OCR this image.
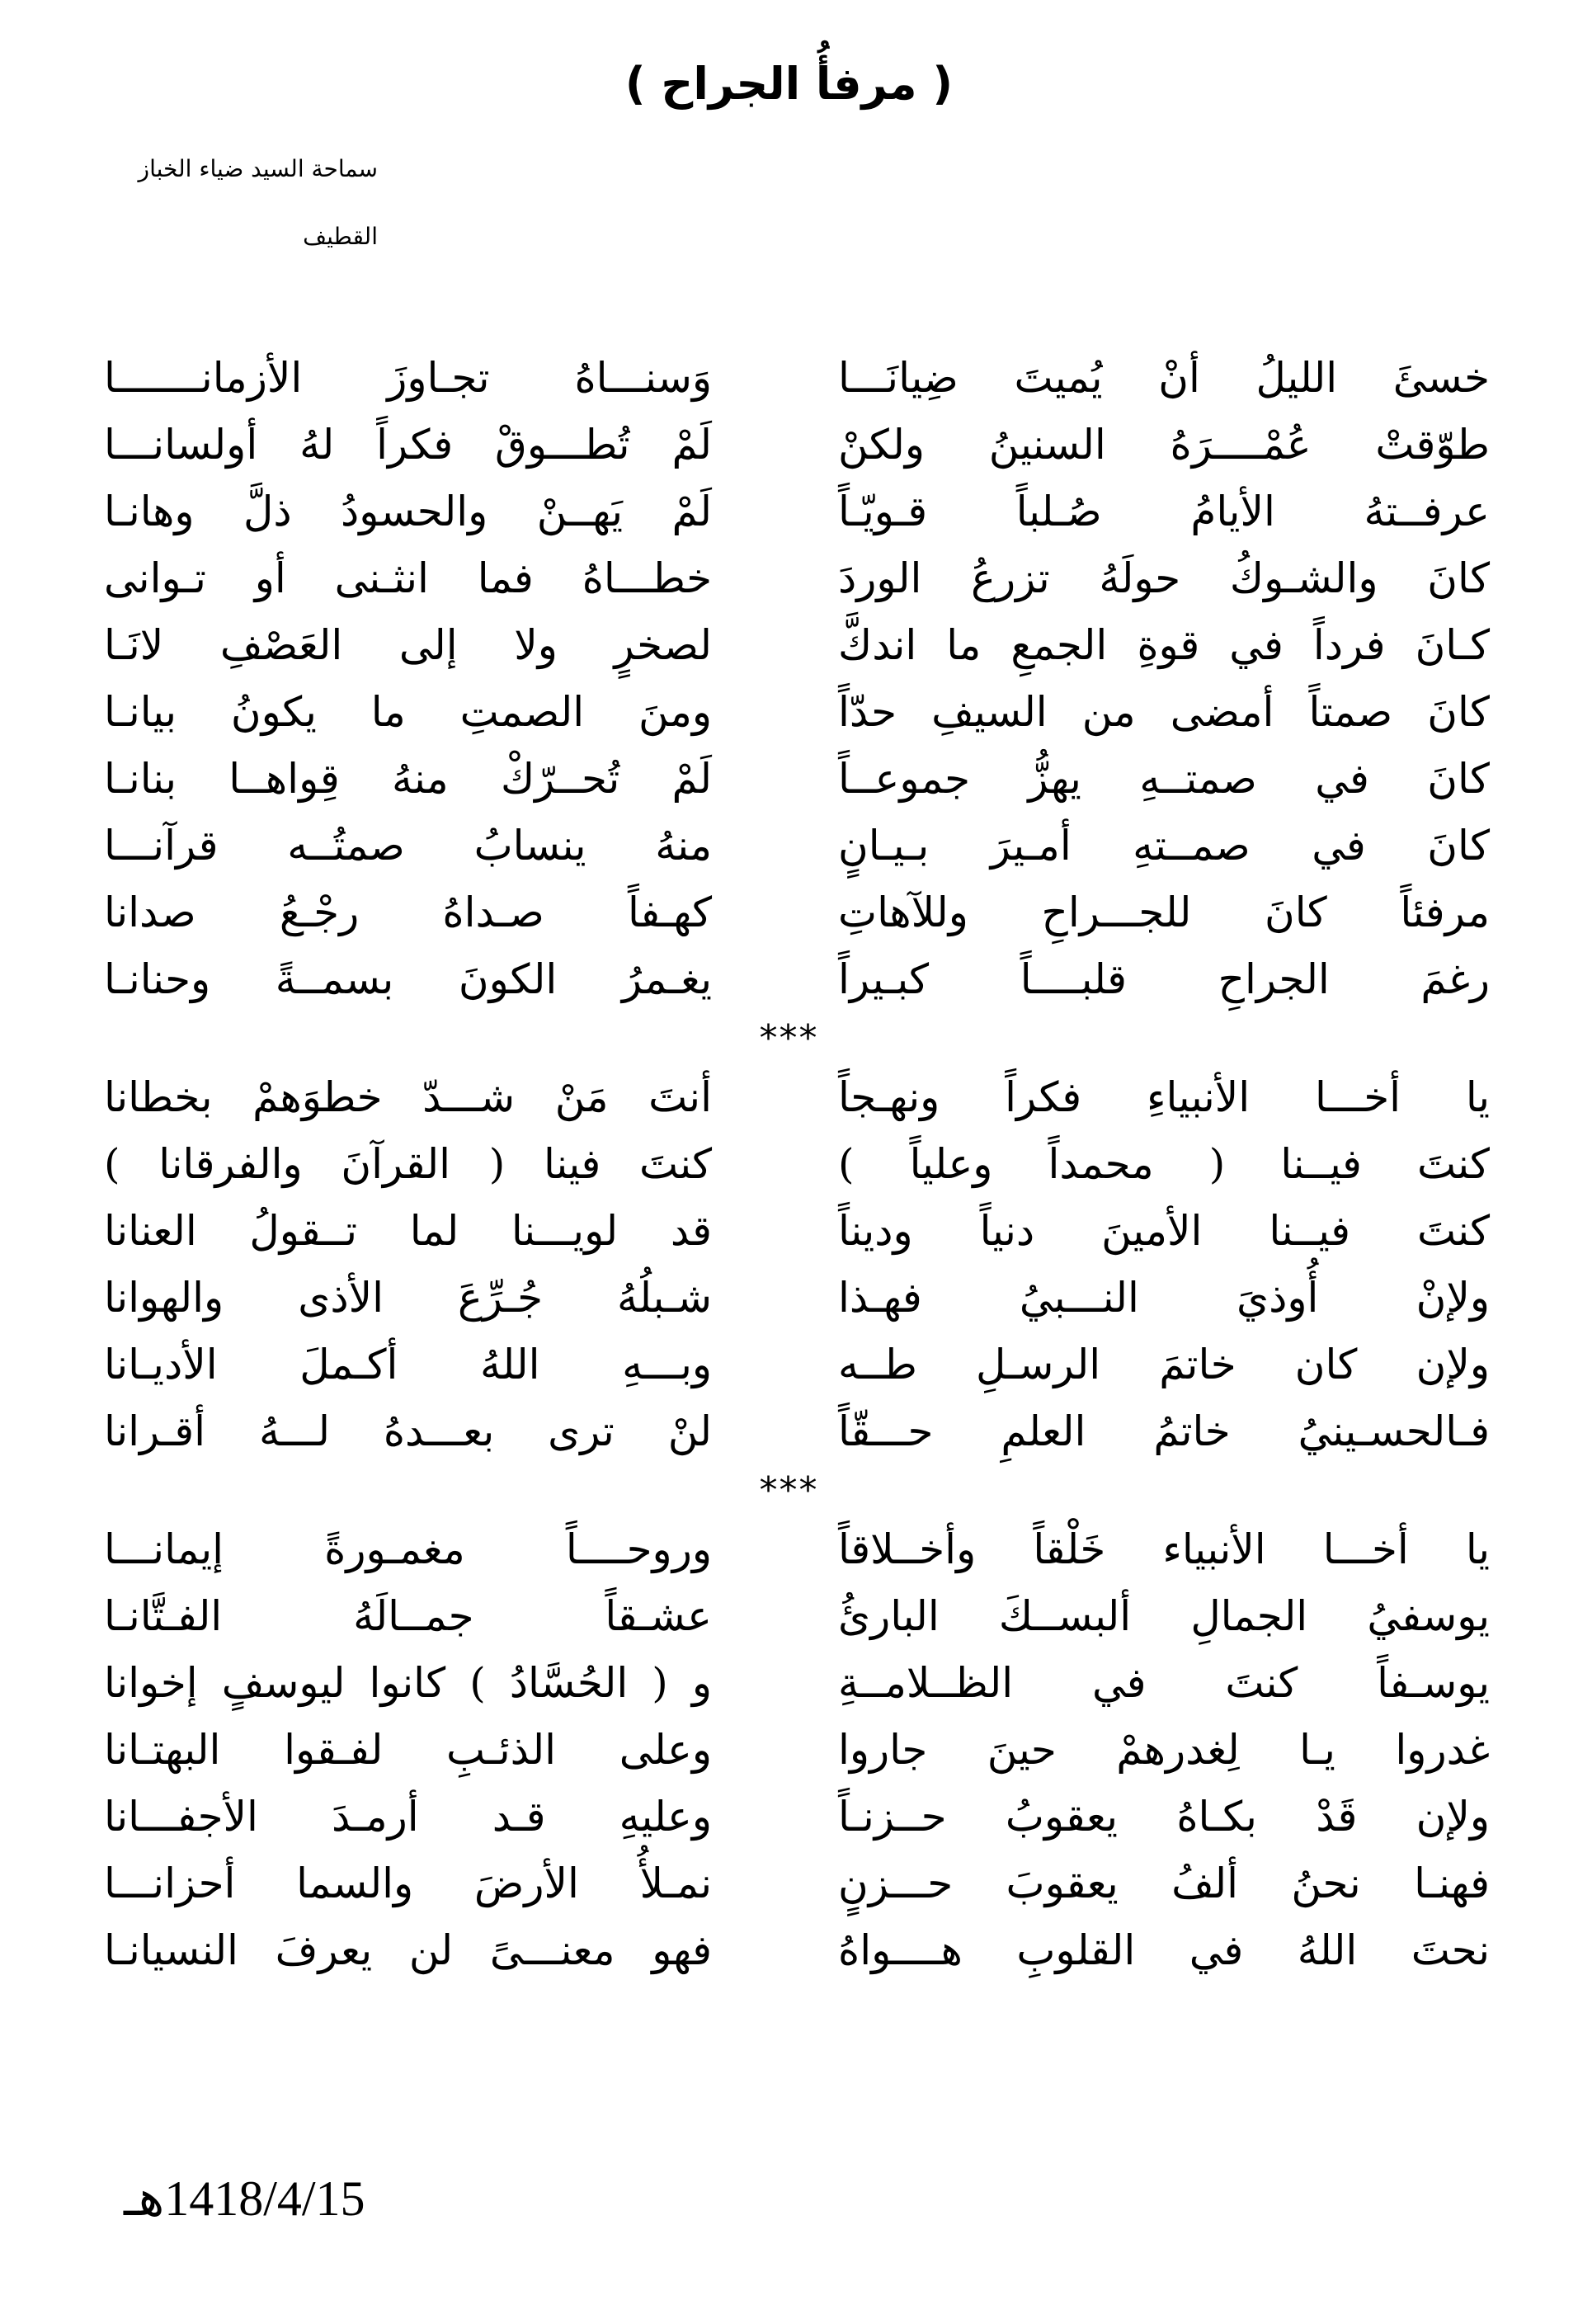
( مرفأُ الجراح )
سماحة السيد ضياء الخباز
القطيف
خسئَ الليلُ أنْ يُميتَ ضِيانَـــا
وَسنـــاهُ تجـاوزَ الأزمانـــــــا
طوّقتْ عُمْــــرَهُ السنينُ ولكنْ
لَمْ تُطـــوقْ فكراً لهُ أولسانـــا
عرفــتهُ الأيامُ صُـلباً قـويّـاً
لَمْ يَهــنْ والحسودُ ذلَّ وهانـا
كانَ والشـوكُ حولَهُ تزرعُ الوردَ
خطـــاهُ فما انثـنى أو تـوانى
كـانَ فرداً في قوةِ الجمعِ ما اندكَّ
لصخرٍ ولا إلى العَصْفِ لانَـا
كانَ صمتاً أمضى من السيفِ حدّاً
ومنَ الصمتِ ما يكونُ بيانـا
كانَ في صمتــهِ يهزُّ جموعــاً
لَمْ تُحــرّكْ منهُ قِواهــا بنانـا
كانَ في صمــتهِ أمـيرَ بـيـانٍ
منهُ ينسابُ صمتُــه قرآنـــا
مرفئاً كانَ للجـــراحِ وللآهاتِ
كهـفاً صـداهُ رجْـعُ صدانا
رغمَ الجراحِ قلبــــاً كبـيراً
يغـمرُ الكونَ بسمــةً وحنانـا
***
يا أخـــا الأنبياءِ فكراً ونهـجاً
أنتَ مَنْ شـــدّ خطوَهمْ بخطانا
كنتَ فيــنا ( محمداً وعلياً )
كنتَ فينا ( القرآنَ والفرقانا )
كنتَ فيــنا الأمينَ دنياً وديناً
قد لويـــنا لما تــقولُ العنانا
ولإنْ أُوذيَ النـــبيُ فهـذا
شـبلُهُ جُـرِّعَ الأذى والهوانا
ولإن كان خاتمَ الرسـلِ طــه
وبـــهِ اللهُ أكـملَ الأديـانا
فـالحسـينيُ خاتمُ العلمِ حـــقّاً
لنْ ترى بعـــدهُ لـــهُ أقـرانا
***
يا أخـــا الأنبياء خَلْقاً وأخــلاقاً
وروحــــاً مغمـورةً إيمانـــا
يوسفيُ الجمالِ ألبســكَ البارئُ
عشـقاً جمــالَهُ الفـتَّانـا
يوسـفاً كنتَ في الظــلامــةِ
و ( الحُسَّادُ ) كانوا ليوسفٍ إخوانا
غدروا يـا لِغدرهمْ حينَ جاروا
وعلى الذئـبِ لفـقوا البهتـانا
ولإن قَدْ بكـاهُ يعقوبُ حــزنـاً
وعليهِ قـد أرمـدَ الأجفـــانا
فهنـا نحنُ ألفُ يعقوبَ حـــزنٍ
نمـلأُ الأرضَ والسما أحزانـــا
نحتَ اللهُ في القلوبِ هــــواهُ
فهو معنـــىً لن يعرفَ النسيانـا
1418/4/15هـ
